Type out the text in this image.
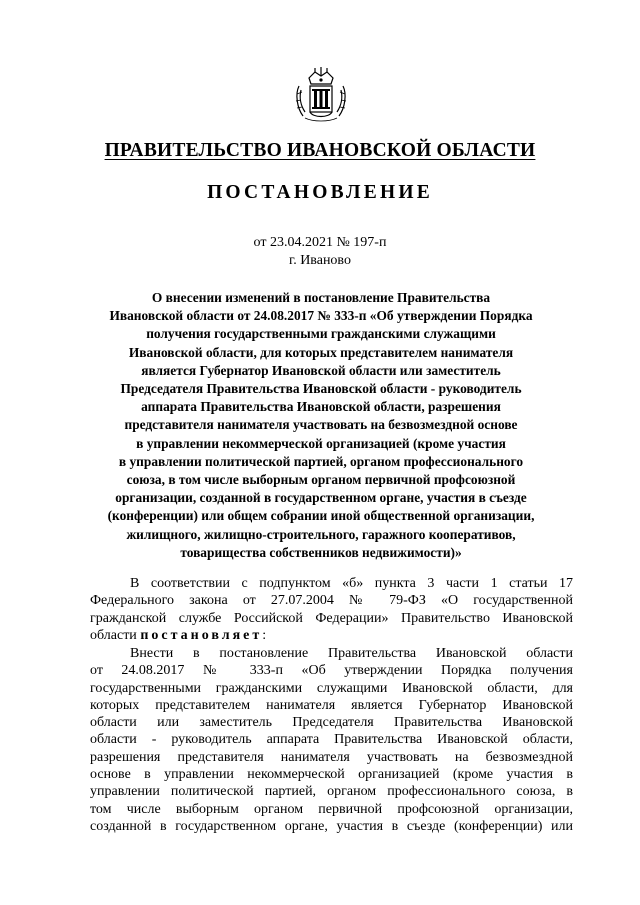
ПРАВИТЕЛЬСТВО ИВАНОВСКОЙ ОБЛАСТИ
ПОСТАНОВЛЕНИЕ
от 23.04.2021 № 197-п
г. Иваново
О внесении изменений в постановление Правительства
Ивановской области от 24.08.2017 № 333-п «Об утверждении Порядка
получения государственными гражданскими служащими
Ивановской области, для которых представителем нанимателя
является Губернатор Ивановской области или заместитель
Председателя Правительства Ивановской области - руководитель
аппарата Правительства Ивановской области, разрешения
представителя нанимателя участвовать на безвозмездной основе
в управлении некоммерческой организацией (кроме участия
в управлении политической партией, органом профессионального
союза, в том числе выборным органом первичной профсоюзной
организации, созданной в государственном органе, участия в съезде
(конференции) или общем собрании иной общественной организации,
жилищного, жилищно-строительного, гаражного кооперативов,
товарищества собственников недвижимости)»
В соответствии с подпунктом «б» пункта 3 части 1 статьи 17
Федерального закона от 27.07.2004 № 79-ФЗ «О государственной
гражданской службе Российской Федерации» Правительство Ивановской
области постановляет:
Внести в постановление Правительства Ивановской области
от 24.08.2017 № 333-п «Об утверждении Порядка получения
государственными гражданскими служащими Ивановской области, для
которых представителем нанимателя является Губернатор Ивановской
области или заместитель Председателя Правительства Ивановской
области - руководитель аппарата Правительства Ивановской области,
разрешения представителя нанимателя участвовать на безвозмездной
основе в управлении некоммерческой организацией (кроме участия в
управлении политической партией, органом профессионального союза, в
том числе выборным органом первичной профсоюзной организации,
созданной в государственном органе, участия в съезде (конференции) или
